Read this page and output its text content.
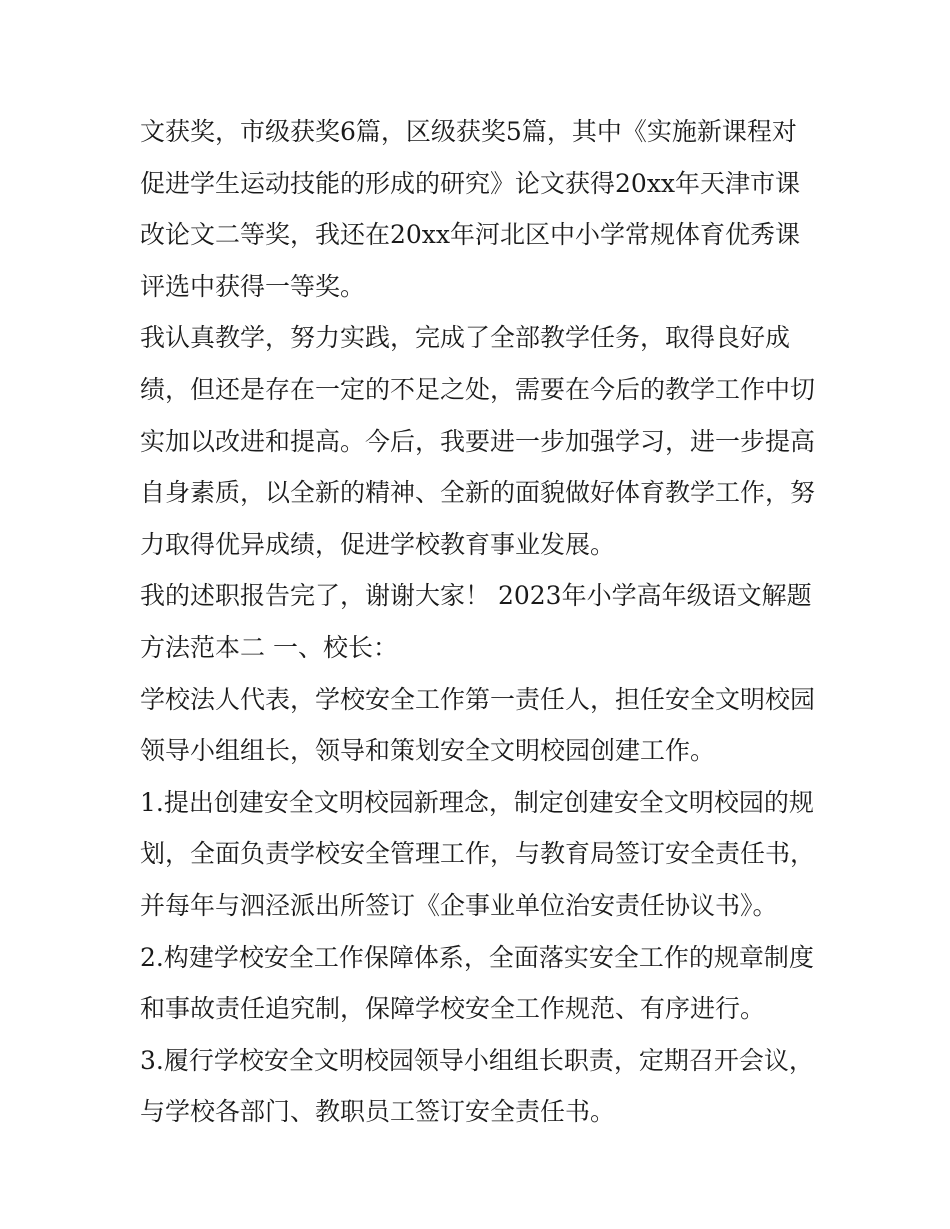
文获奖，市级获奖6篇，区级获奖5篇，其中《实施新课程对促进学生运动技能的形成的研究》论文获得20xx年天津市课改论文二等奖，我还在20xx年河北区中小学常规体育优秀课评选中获得一等奖。

我认真教学，努力实践，完成了全部教学任务，取得良好成绩，但还是存在一定的不足之处，需要在今后的教学工作中切实加以改进和提高。今后，我要进一步加强学习，进一步提高自身素质，以全新的精神、全新的面貌做好体育教学工作，努力取得优异成绩，促进学校教育事业发展。

我的述职报告完了，谢谢大家！ 2023年小学高年级语文解题方法范本二 一、校长：

学校法人代表，学校安全工作第一责任人，担任安全文明校园领导小组组长，领导和策划安全文明校园创建工作。

1.提出创建安全文明校园新理念，制定创建安全文明校园的规划，全面负责学校安全管理工作，与教育局签订安全责任书，并每年与泗泾派出所签订《企事业单位治安责任协议书》。

2.构建学校安全工作保障体系，全面落实安全工作的规章制度和事故责任追究制，保障学校安全工作规范、有序进行。

3.履行学校安全文明校园领导小组组长职责，定期召开会议，与学校各部门、教职员工签订安全责任书。
